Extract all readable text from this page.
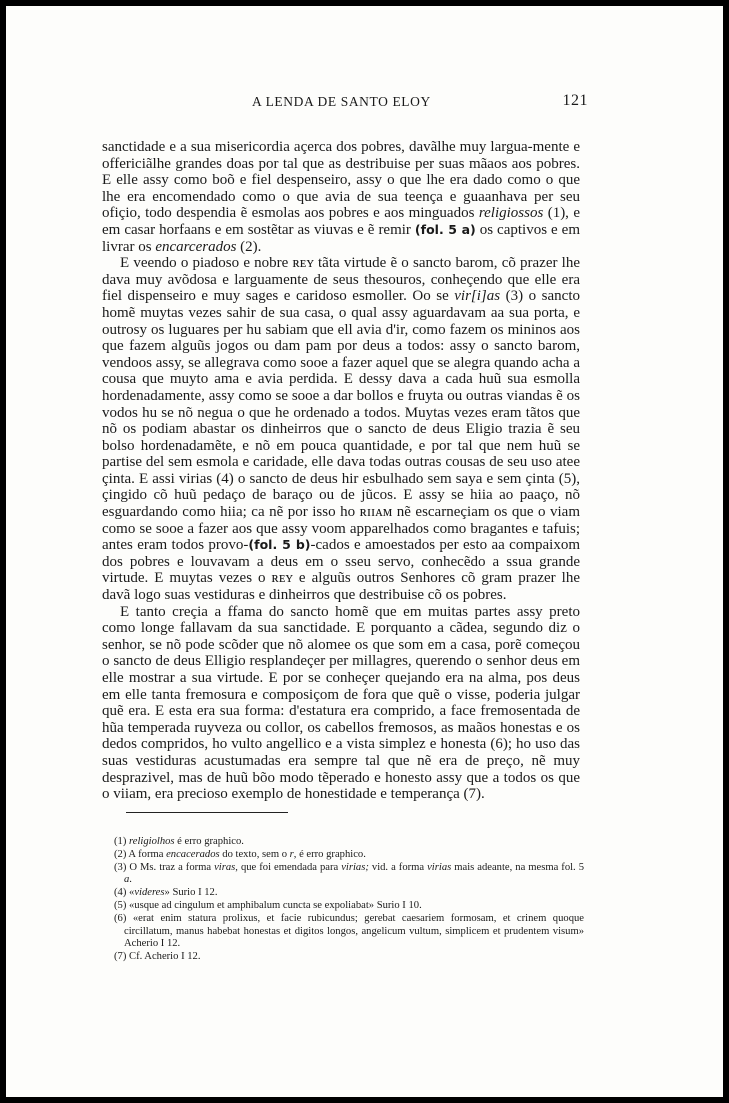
A LENDA DE SANTO ELOY	121

sanctidade e a sua misericordia açerca dos pobres, davãlhe muy largua-mente e offericiãlhe grandes doas por tal que as destribuise per suas mãaos aos pobres. E elle assy como boõ e fiel despenseiro, assy o que lhe era dado como o que lhe era encomendado como o que avia de sua teença e guaanhava per seu ofiçio, todo despendia ẽ esmolas aos pobres e aos minguados religiossos (1), e em casar horfaans e em sostẽtar as viuvas e ẽ remir (fol. 5 a) os captivos e em livrar os encarcerados (2).

E veendo o piadoso e nobre ʀᴇʏ tãta virtude ẽ o sancto barom, cõ prazer lhe dava muy avõdosa e larguamente de seus thesouros, conheçendo que elle era fiel dispenseiro e muy sages e caridoso esmoller. Oo se vir[i]as (3) o sancto homẽ muytas vezes sahir de sua casa, o qual assy aguardavam aa sua porta, e outrosy os luguares per hu sabiam que ell avia d'ir, como fazem os mininos aos que fazem alguũs jogos ou dam pam por deus a todos: assy o sancto barom, vendoos assy, se allegrava como sooe a fazer aquel que se alegra quando acha a cousa que muyto ama e avia perdida. E dessy dava a cada huũ sua esmolla hordenadamente, assy como se sooe a dar bollos e fruyta ou outras viandas ẽ os vodos hu se nõ negua o que he ordenado a todos. Muytas vezes eram tãtos que nõ os podiam abastar os dinheirros que o sancto de deus Eligio trazia ẽ seu bolso hordenadamẽte, e nõ em pouca quantidade, e por tal que nem huũ se partise del sem esmola e caridade, elle dava todas outras cousas de seu uso atee çinta. E assi virias (4) o sancto de deus hir esbulhado sem saya e sem çinta (5), çingido cõ huũ pedaço de baraço ou de jũcos. E assy se hiia ao paaço, nõ esguardando como hiia; ca nẽ por isso ho ʀɪɪᴀᴍ nẽ escarneçiam os que o viam como se sooe a fazer aos que assy voom apparelhados como bragantes e tafuis; antes eram todos provo-(fol. 5 b)-cados e amoestados per esto aa compaixom dos pobres e louvavam a deus em o sseu servo, conhecẽdo a ssua grande virtude. E muytas vezes o ʀᴇʏ e alguũs outros Senhores cõ gram prazer lhe davã logo suas vestiduras e dinheirros que destribuise cõ os pobres.

E tanto creçia a ffama do sancto homẽ que em muitas partes assy preto como longe fallavam da sua sanctidade. E porquanto a cãdea, segundo diz o senhor, se nõ pode scõder que nõ alomee os que som em a casa, porẽ começou o sancto de deus Elligio resplandeçer per millagres, querendo o senhor deus em elle mostrar a sua virtude. E por se conheçer quejando era na alma, pos deus em elle tanta fremosura e composiçom de fora que quẽ o visse, poderia julgar quẽ era. E esta era sua forma: d'estatura era comprido, a face fremosentada de hũa temperada ruyveza ou collor, os cabellos fremosos, as maãos honestas e os dedos compridos, ho vulto angellico e a vista simplez e honesta (6); ho uso das suas vestiduras acustumadas era sempre tal que nẽ era de preço, nẽ muy desprazivel, mas de huũ bõo modo tẽperado e honesto assy que a todos os que o viiam, era precioso exemplo de honestidade e temperança (7).

(1) religiolhos é erro graphico.

(2) A forma encacerados do texto, sem o r, é erro graphico.

(3) O Ms. traz a forma viras, que foi emendada para virias; vid. a forma virias mais adeante, na mesma fol. 5 a.

(4) «videres» Surio I 12.

(5) «usque ad cingulum et amphibalum cuncta se expoliabat» Surio I 10.

(6) «erat enim statura prolixus, et facie rubicundus; gerebat caesariem formosam, et crinem quoque circillatum, manus habebat honestas et digitos longos, angelicum vultum, simplicem et prudentem visum» Acherio I 12.

(7) Cf. Acherio I 12.
